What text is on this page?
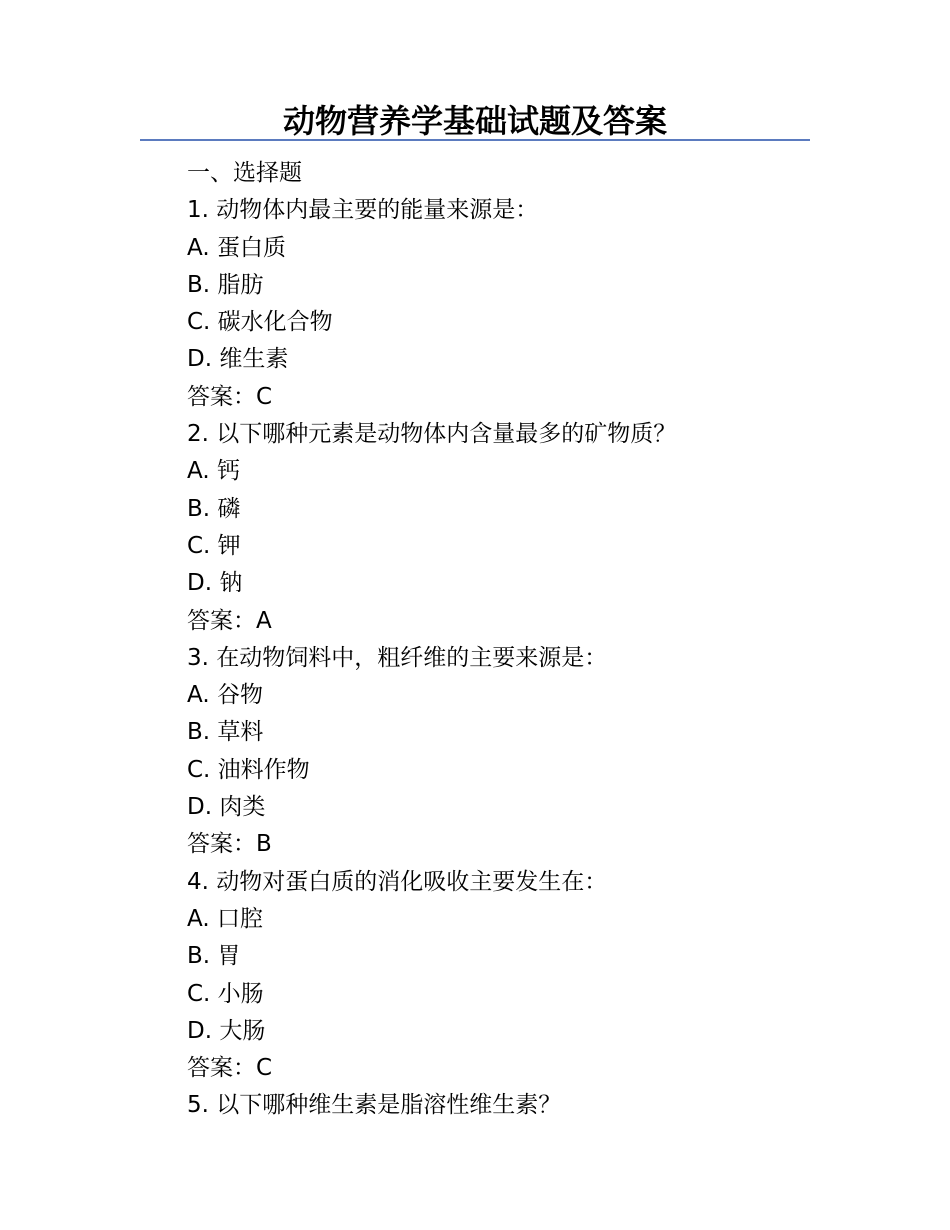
动物营养学基础试题及答案
一、选择题
1. 动物体内最主要的能量来源是：
A. 蛋白质
B. 脂肪
C. 碳水化合物
D. 维生素
答案：C
2. 以下哪种元素是动物体内含量最多的矿物质？
A. 钙
B. 磷
C. 钾
D. 钠
答案：A
3. 在动物饲料中，粗纤维的主要来源是：
A. 谷物
B. 草料
C. 油料作物
D. 肉类
答案：B
4. 动物对蛋白质的消化吸收主要发生在：
A. 口腔
B. 胃
C. 小肠
D. 大肠
答案：C
5. 以下哪种维生素是脂溶性维生素？
